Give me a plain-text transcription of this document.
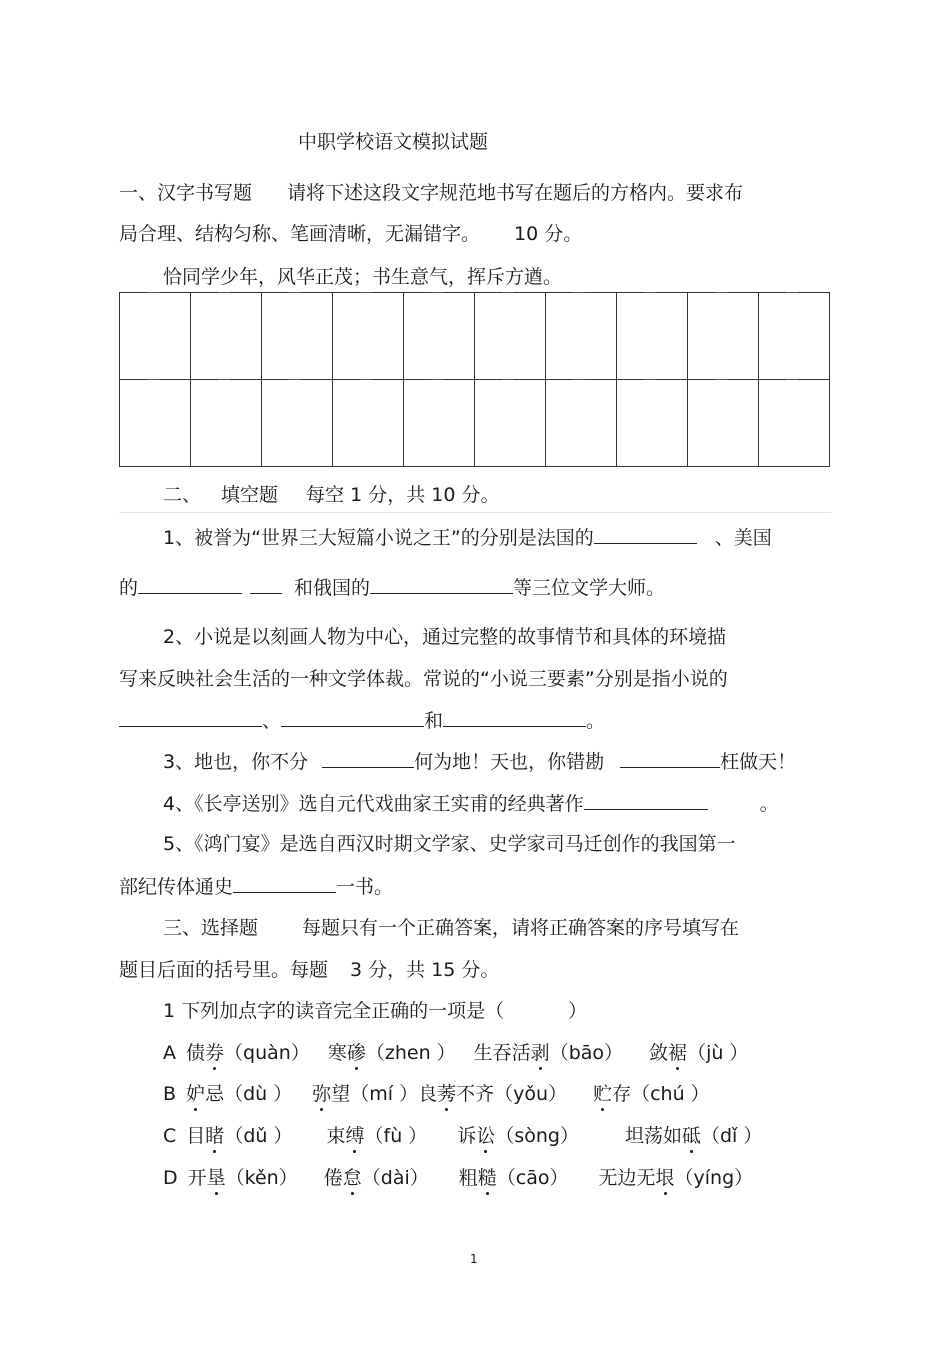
中职学校语文模拟试题
一、汉字书写题 请将下述这段文字规范地书写在题后的方格内。要求布
局合理、结构匀称、笔画清晰，无漏错字。 10 分。
恰同学少年，风华正茂；书生意气，挥斥方遒。
二、 填空题 每空 1 分，共 10 分。
1、被誉为“世界三大短篇小说之王”的分别是法国的	、美国
的	和俄国的	等三位文学大师。
2、小说是以刻画人物为中心，通过完整的故事情节和具体的环境描
写来反映社会生活的一种文学体裁。常说的“小说三要素”分别是指小说的
、	和	。
3、地也，你不分	何为地！天也，你错勘	枉做天！
4、《长亭送别》选自元代戏曲家王实甫的经典著作	。
5、《鸿门宴》是选自西汉时期文学家、史学家司马迁创作的我国第一
部纪传体通史	一书。
三、选择题 每题只有一个正确答案，请将正确答案的序号填写在
题目后面的括号里。每题 3 分，共 15 分。
1 下列加点字的读音完全正确的一项是（	）
A 债券（quàn） 寒碜（zhen ） 生吞活剥（bāo） 敛裾（jù ）
B 妒忌（dù ） 弥望（mí ）良莠不齐（yǒu） 贮存（chú ）
C 目睹（dǔ ） 束缚（fù ） 诉讼（sòng） 坦荡如砥（dǐ ）
D 开垦（kěn） 倦怠（dài） 粗糙（cāo） 无边无垠（yíng）
1
